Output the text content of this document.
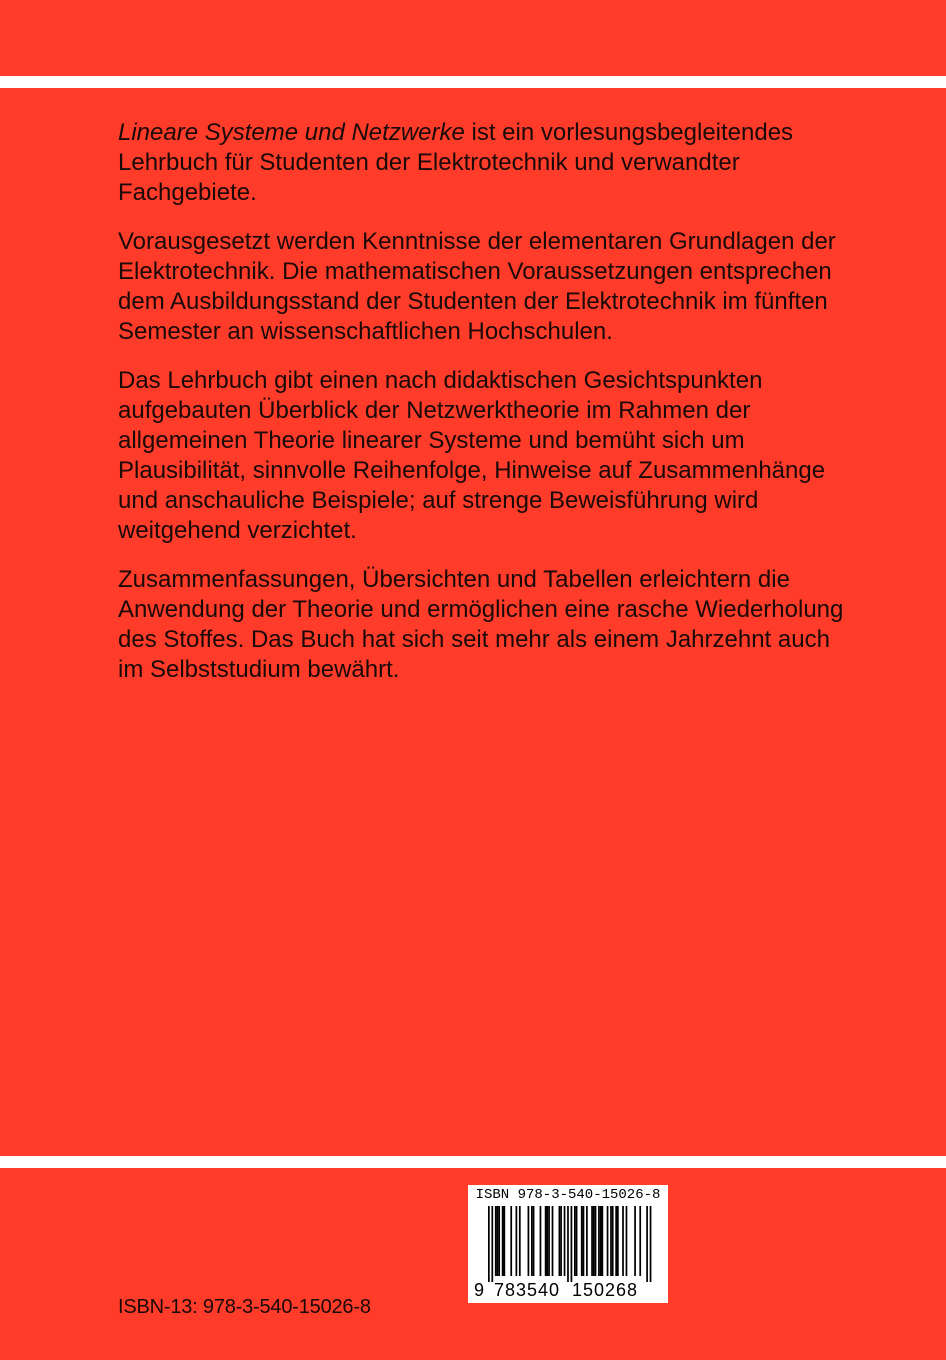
Lineare Systeme und Netzwerke ist ein vorlesungsbegleitendes Lehrbuch für Studenten der Elektrotechnik und verwandter Fachgebiete.

Vorausgesetzt werden Kenntnisse der elementaren Grundlagen der Elektrotechnik. Die mathematischen Voraussetzungen entsprechen dem Ausbildungsstand der Studenten der Elektrotechnik im fünften Semester an wissenschaftlichen Hochschulen.

Das Lehrbuch gibt einen nach didaktischen Gesichtspunkten aufgebauten Überblick der Netzwerktheorie im Rahmen der allgemeinen Theorie linearer Systeme und bemüht sich um Plausibilität, sinnvolle Reihenfolge, Hinweise auf Zusammenhänge und anschauliche Beispiele; auf strenge Beweisführung wird weitgehend verzichtet.

Zusammenfassungen, Übersichten und Tabellen erleichtern die Anwendung der Theorie und ermöglichen eine rasche Wiederholung des Stoffes. Das Buch hat sich seit mehr als einem Jahrzehnt auch im Selbststudium bewährt.

ISBN-13: 978-3-540-15026-8
ISBN 978-3-540-15026-8
9 783540 150268
